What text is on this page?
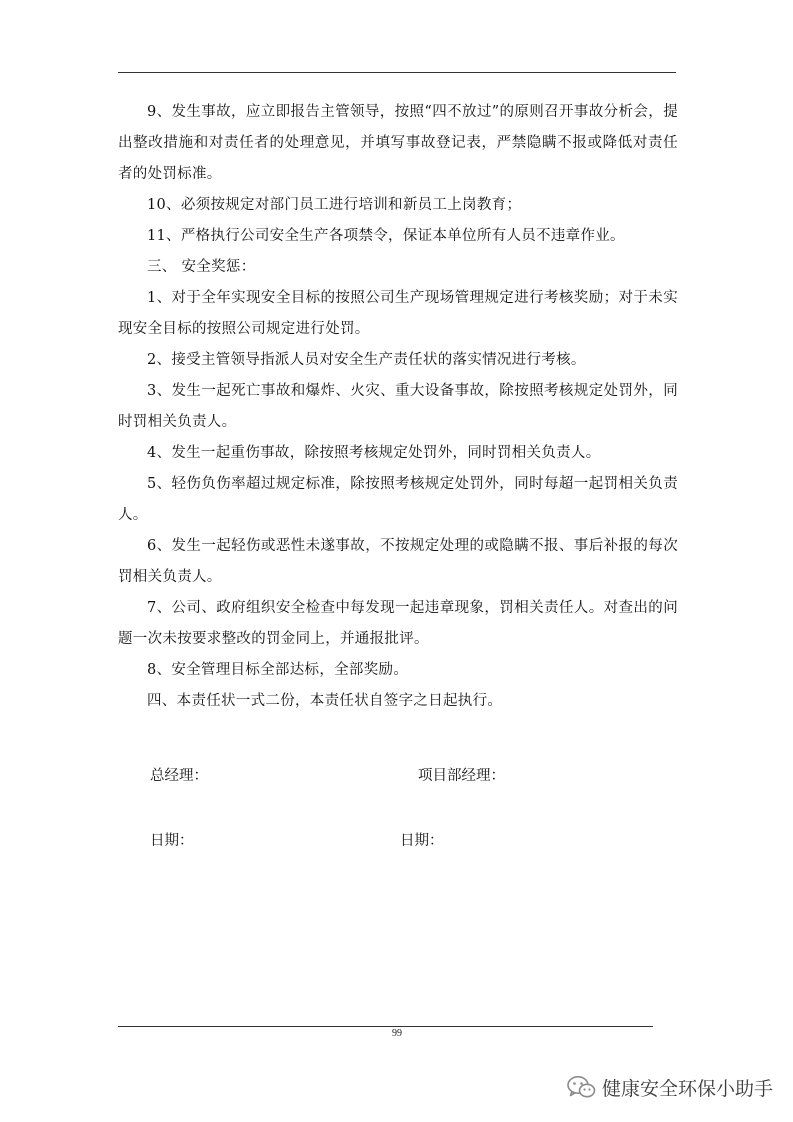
9、发生事故，应立即报告主管领导，按照“四不放过”的原则召开事故分析会，提出整改措施和对责任者的处理意见，并填写事故登记表，严禁隐瞒不报或降低对责任者的处罚标准。

10、必须按规定对部门员工进行培训和新员工上岗教育；

11、严格执行公司安全生产各项禁令，保证本单位所有人员不违章作业。

三、 安全奖惩：

1、对于全年实现安全目标的按照公司生产现场管理规定进行考核奖励；对于未实现安全目标的按照公司规定进行处罚。

2、接受主管领导指派人员对安全生产责任状的落实情况进行考核。

3、发生一起死亡事故和爆炸、火灾、重大设备事故，除按照考核规定处罚外，同时罚相关负责人。

4、发生一起重伤事故，除按照考核规定处罚外，同时罚相关负责人。

5、轻伤负伤率超过规定标准，除按照考核规定处罚外，同时每超一起罚相关负责人。

6、发生一起轻伤或恶性未遂事故，不按规定处理的或隐瞒不报、事后补报的每次罚相关负责人。

7、公司、政府组织安全检查中每发现一起违章现象，罚相关责任人。对查出的问题一次未按要求整改的罚金同上，并通报批评。

8、安全管理目标全部达标，全部奖励。

四、本责任状一式二份，本责任状自签字之日起执行。

总经理：	项目部经理：
日期：	日期：
99
健康安全环保小助手
